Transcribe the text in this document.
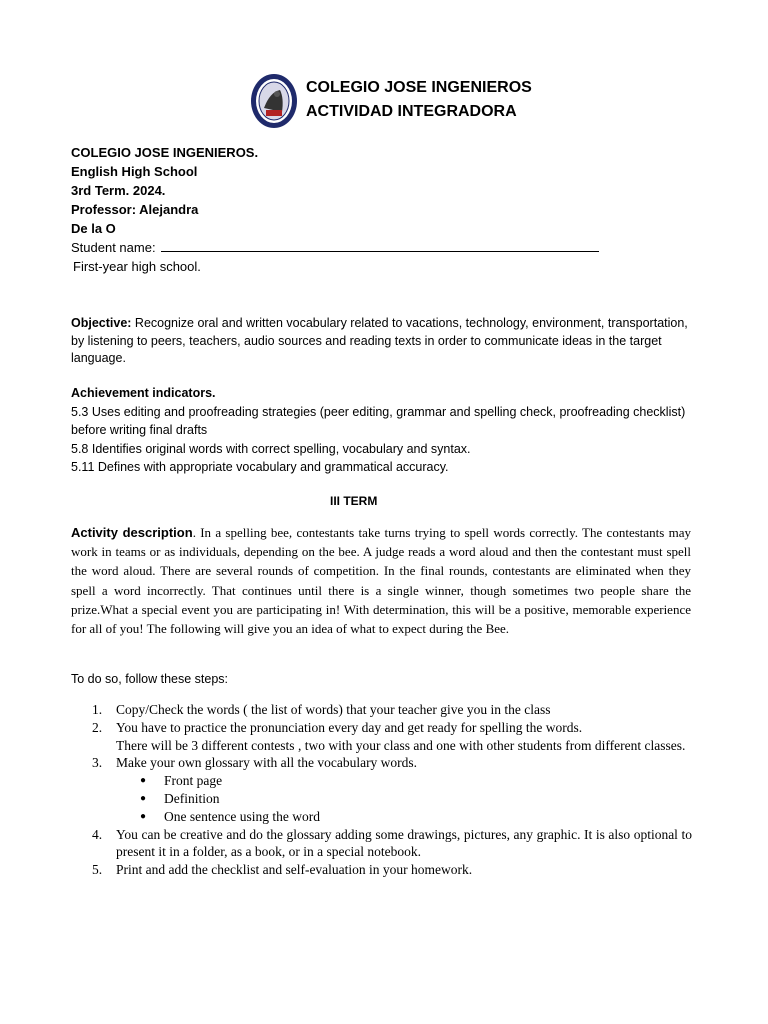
COLEGIO JOSE INGENIEROS
ACTIVIDAD INTEGRADORA
COLEGIO JOSE INGENIEROS.
English High School
3rd Term. 2024.
Professor: Alejandra
De la O
Student name:
First-year high school.
Objective: Recognize oral and written vocabulary related to vacations, technology, environment, transportation, by listening to peers, teachers, audio sources and reading texts in order to communicate ideas in the target language.
Achievement indicators.
5.3 Uses editing and proofreading strategies (peer editing, grammar and spelling check, proofreading checklist) before writing final drafts
5.8 Identifies original words with correct spelling, vocabulary and syntax.
5.11 Defines with appropriate vocabulary and grammatical accuracy.
III TERM
Activity description. In a spelling bee, contestants take turns trying to spell words correctly. The contestants may work in teams or as individuals, depending on the bee. A judge reads a word aloud and then the contestant must spell the word aloud. There are several rounds of competition. In the final rounds, contestants are eliminated when they spell a word incorrectly. That continues until there is a single winner, though sometimes two people share the prize.What a special event you are participating in! With determination, this will be a positive, memorable experience for all of you! The following will give you an idea of what to expect during the Bee.
To do so, follow these steps:
1.	Copy/Check the words ( the list of words) that your teacher give you in the class
2.	You have to practice the pronunciation every day and get ready for spelling the words.
There will be 3 different contests , two with your class and one with other students from different classes.
3.	Make your own glossary with all the vocabulary words.
●	Front page
●	Definition
●	One sentence using the word
4.	You can be creative and do the glossary adding some drawings, pictures, any graphic. It is also optional to present it in a folder, as a book, or in a special notebook.
5.	Print and add the checklist and self-evaluation in your homework.
